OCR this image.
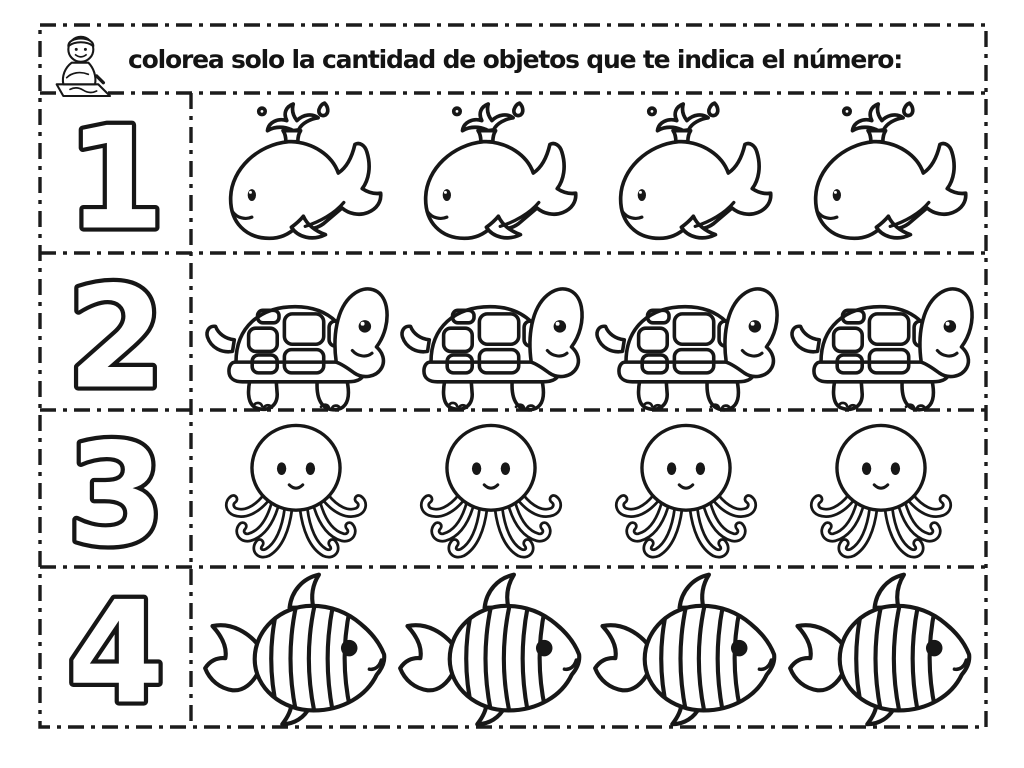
colorea solo la cantidad de objetos que te indica el número:
1
2
3
4
